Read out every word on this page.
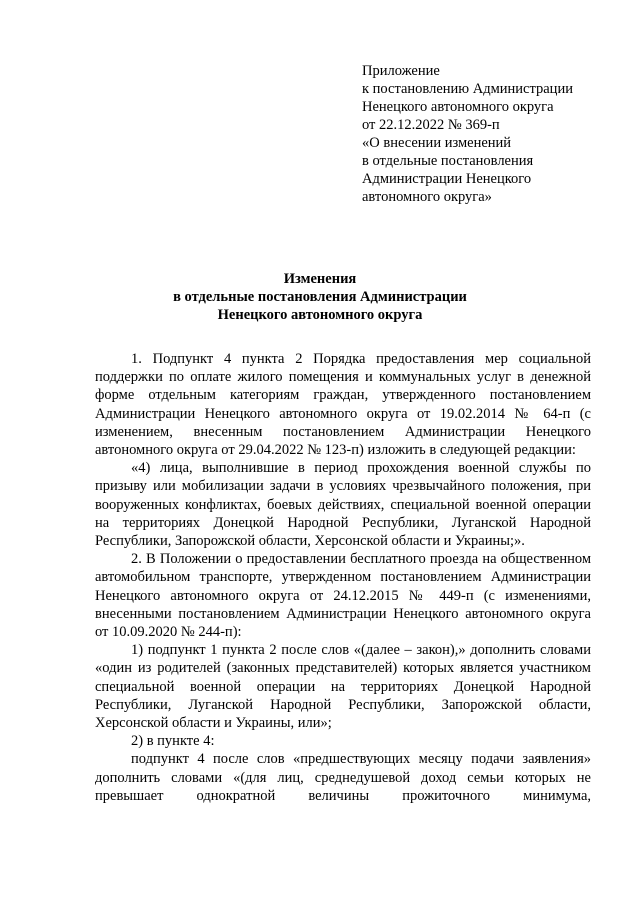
Приложение
к постановлению Администрации
Ненецкого автономного округа
от 22.12.2022 № 369-п
«О внесении изменений
в отдельные постановления
Администрации Ненецкого
автономного округа»
Изменения
в отдельные постановления Администрации
Ненецкого автономного округа

1. Подпункт 4 пункта 2 Порядка предоставления мер социальной поддержки по оплате жилого помещения и коммунальных услуг в денежной форме отдельным категориям граждан, утвержденного постановлением Администрации Ненецкого автономного округа от 19.02.2014 № 64-п (с изменением, внесенным постановлением Администрации Ненецкого автономного округа от 29.04.2022 № 123-п) изложить в следующей редакции:

«4) лица, выполнившие в период прохождения военной службы по призыву или мобилизации задачи в условиях чрезвычайного положения, при вооруженных конфликтах, боевых действиях, специальной военной операции на территориях Донецкой Народной Республики, Луганской Народной Республики, Запорожской области, Херсонской области и Украины;».

2. В Положении о предоставлении бесплатного проезда на общественном автомобильном транспорте, утвержденном постановлением Администрации Ненецкого автономного округа от 24.12.2015 № 449-п (с изменениями, внесенными постановлением Администрации Ненецкого автономного округа от 10.09.2020 № 244-п):

1) подпункт 1 пункта 2 после слов «(далее – закон),» дополнить словами «один из родителей (законных представителей) которых является участником специальной военной операции на территориях Донецкой Народной Республики, Луганской Народной Республики, Запорожской области, Херсонской области и Украины, или»;

2) в пункте 4:

подпункт 4 после слов «предшествующих месяцу подачи заявления» дополнить словами «(для лиц, среднедушевой доход семьи которых не превышает однократной величины прожиточного минимума,
